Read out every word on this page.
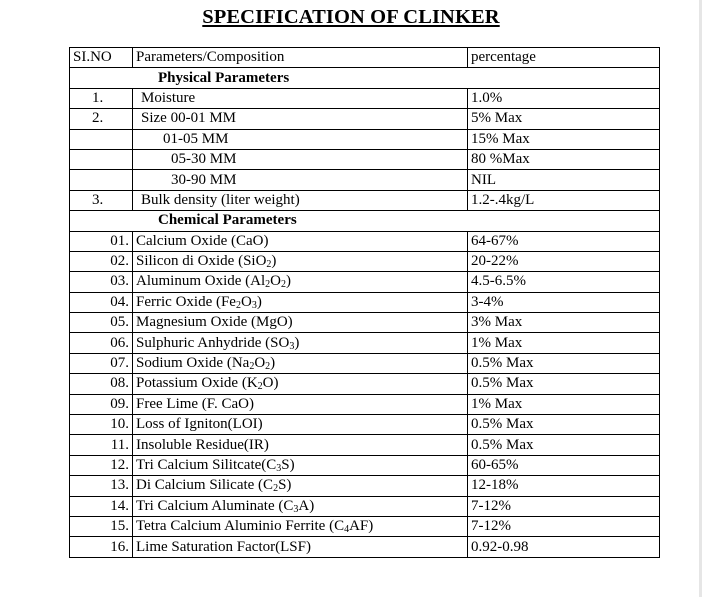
SPECIFICATION OF CLINKER
SI.NO	Parameters/Composition	percentage
Physical Parameters		
1.	Moisture	1.0%
2.	Size 00-01 MM	5% Max
	01-05 MM	15% Max
	05-30 MM	80 %Max
	30-90 MM	NIL
3.	Bulk density (liter weight)	1.2-.4kg/L
Chemical Parameters		
01.	Calcium Oxide (CaO)	64-67%
02.	Silicon di Oxide (SiO$_2$)	20-22%
03.	Aluminum Oxide $(Al_2O_2)$	4.5-6.5%
04.	Ferric Oxide $(Fe_2O_3)$	3-4%
05.	Magnesium Oxide (MgO)	3% Max
06.	Sulphuric Anhydride $(SO_3)$	1% Max
07.	Sodium Oxide $(Na_2O_2)$	0.5% Max
08.	Potassium Oxide $(K_2O)$	0.5% Max
09.	Free Lime (F. CaO)	1% Max
10.	Loss of Igniton(LOI)	0.5% Max
11.	Insoluble Residue(IR)	0.5% Max
12.	Tri Calcium $Silitcate(C_3S)$	60-65%
13.	Di Calcium Silicate $(C_2S)$	12-18%
14.	Tri Calcium Aluminate $(C_3A)$	7-12%
15.	Tetra Calcium Aluminio Ferrite $(C_4AF)$	7-12%
16.	Lime Saturation Factor(LSF)	0.92-0.98
